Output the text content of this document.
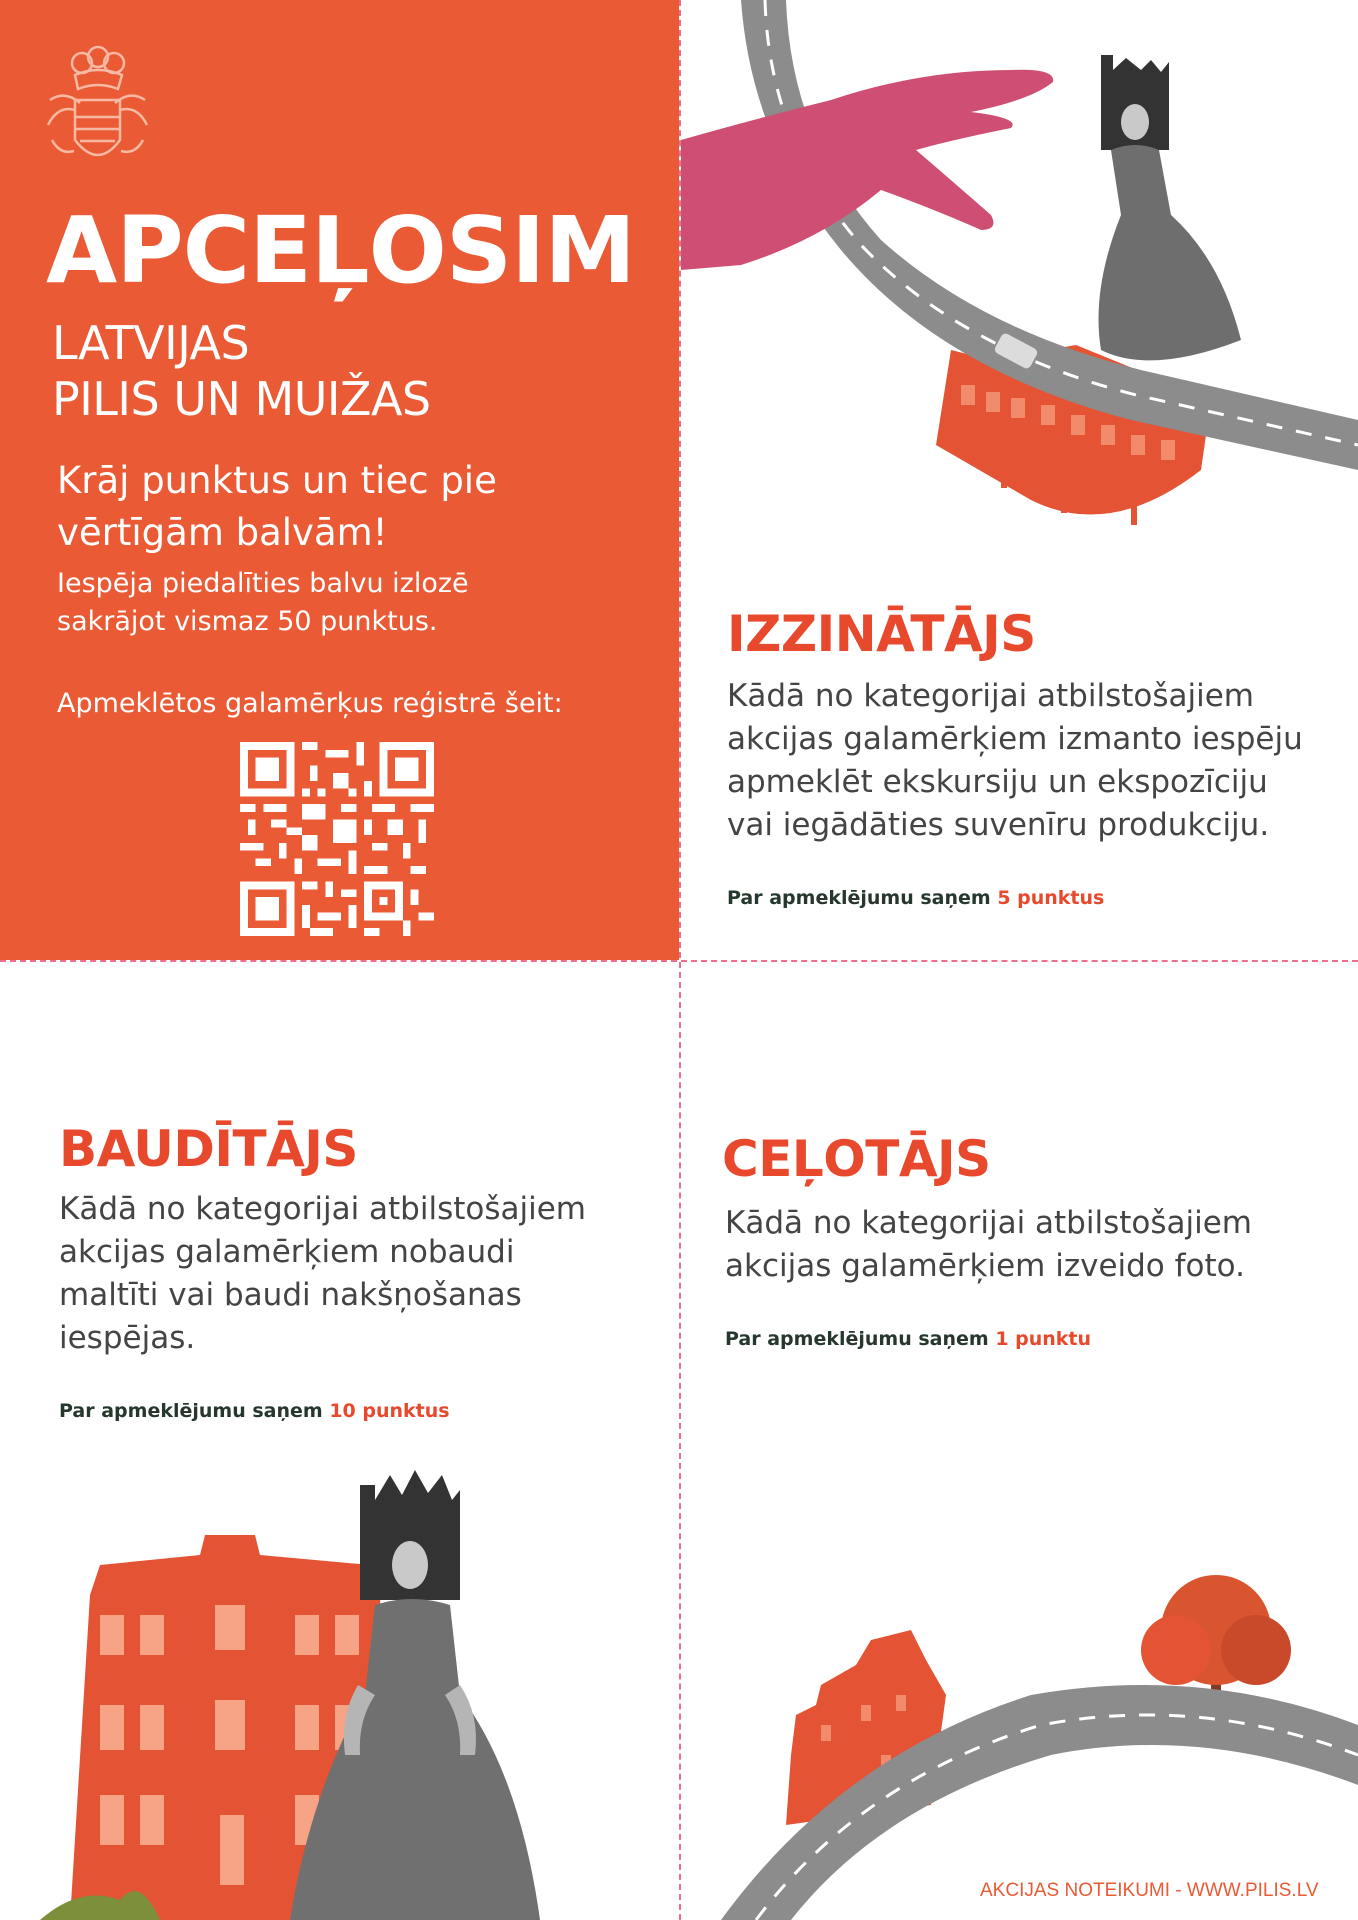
APCEĻOSIM
LATVIJAS
PILIS UN MUIŽAS
Krāj punktus un tiec pie
vērtīgām balvām!
Iespēja piedalīties balvu izlozē
sakrājot vismaz 50 punktus.
Apmeklētos galamērķus reģistrē šeit:
IZZINĀTĀJS
Kādā no kategorijai atbilstošajiem
akcijas galamērķiem izmanto iespēju
apmeklēt ekskursiju un ekspozīciju
vai iegādāties suvenīru produkciju.
Par apmeklējumu saņem 5 punktus
BAUDĪTĀJS
Kādā no kategorijai atbilstošajiem
akcijas galamērķiem nobaudi
maltīti vai baudi nakšņošanas
iespējas.
Par apmeklējumu saņem 10 punktus
CEĻOTĀJS
Kādā no kategorijai atbilstošajiem
akcijas galamērķiem izveido foto.
Par apmeklējumu saņem 1 punktu
AKCIJAS NOTEIKUMI - WWW.PILIS.LV
